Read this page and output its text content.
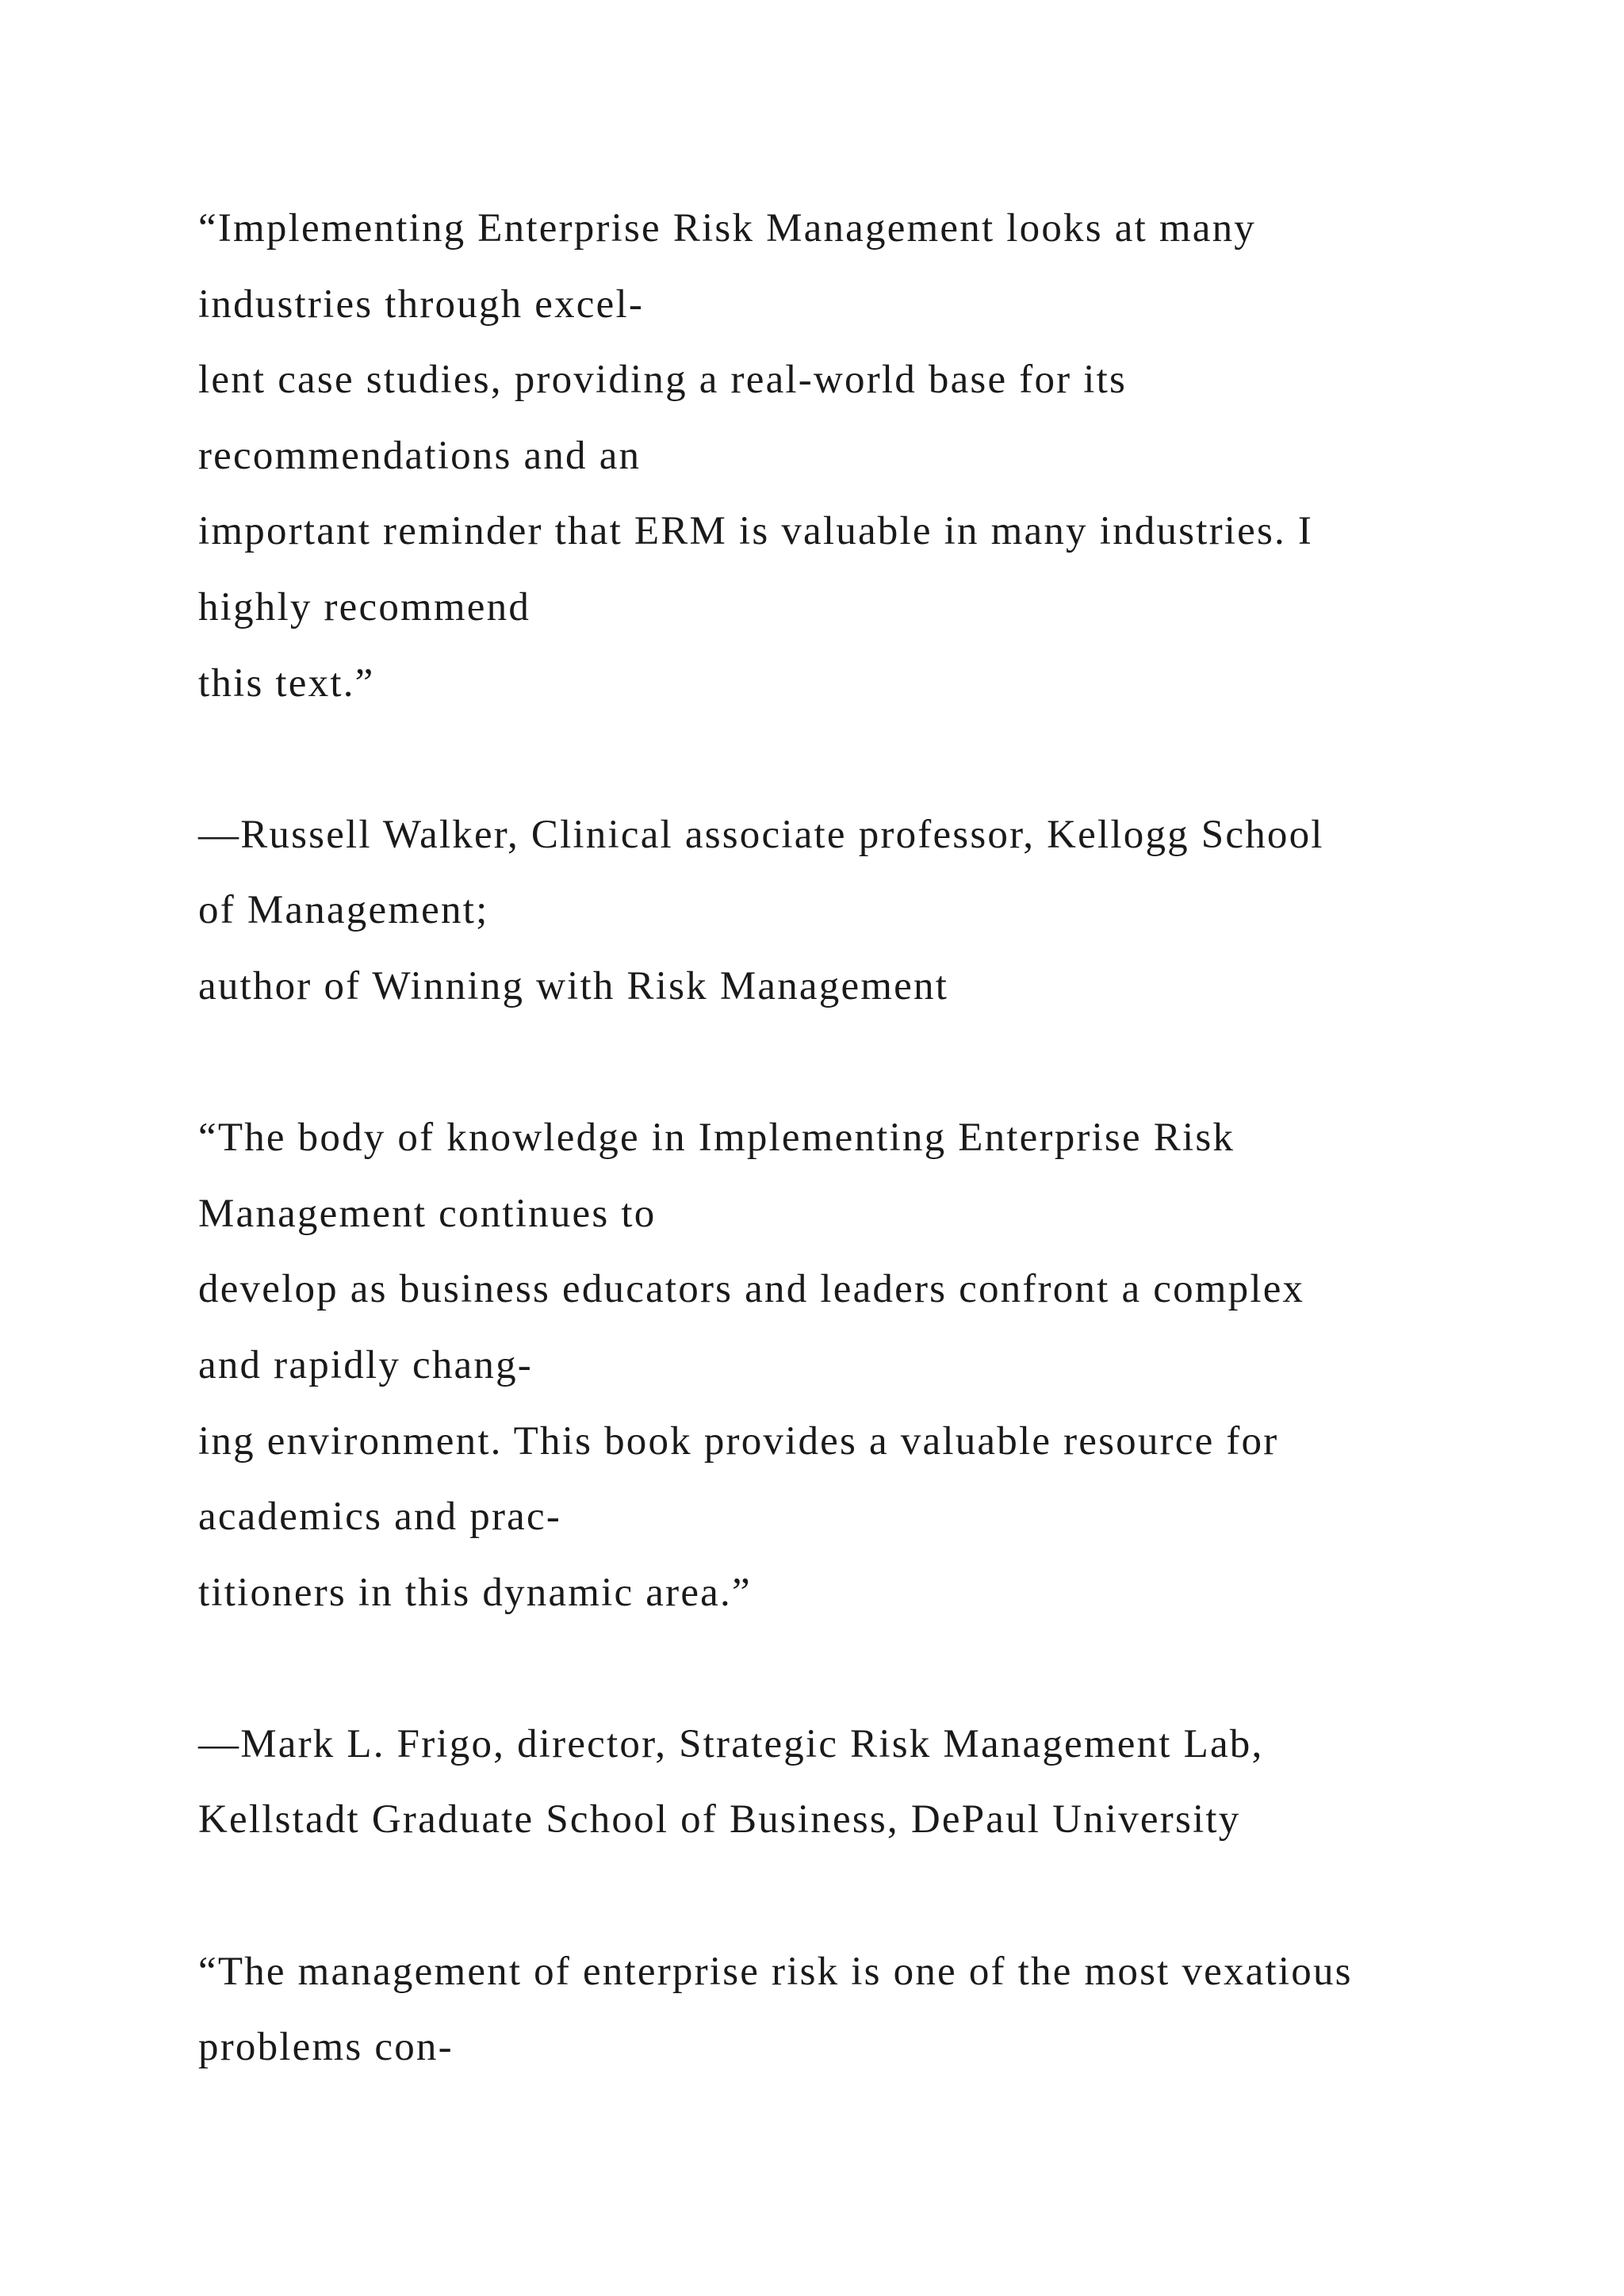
“Implementing Enterprise Risk Management looks at many
industries through excel-
lent case studies, providing a real-world base for its
recommendations and an
important reminder that ERM is valuable in many industries. I
highly recommend
this text.”
—Russell Walker, Clinical associate professor, Kellogg School
of Management;
author of Winning with Risk Management
“The body of knowledge in Implementing Enterprise Risk
Management continues to
develop as business educators and leaders confront a complex
and rapidly chang-
ing environment. This book provides a valuable resource for
academics and prac-
titioners in this dynamic area.”
—Mark L. Frigo, director, Strategic Risk Management Lab,
Kellstadt Graduate School of Business, DePaul University
“The management of enterprise risk is one of the most vexatious
problems con-
